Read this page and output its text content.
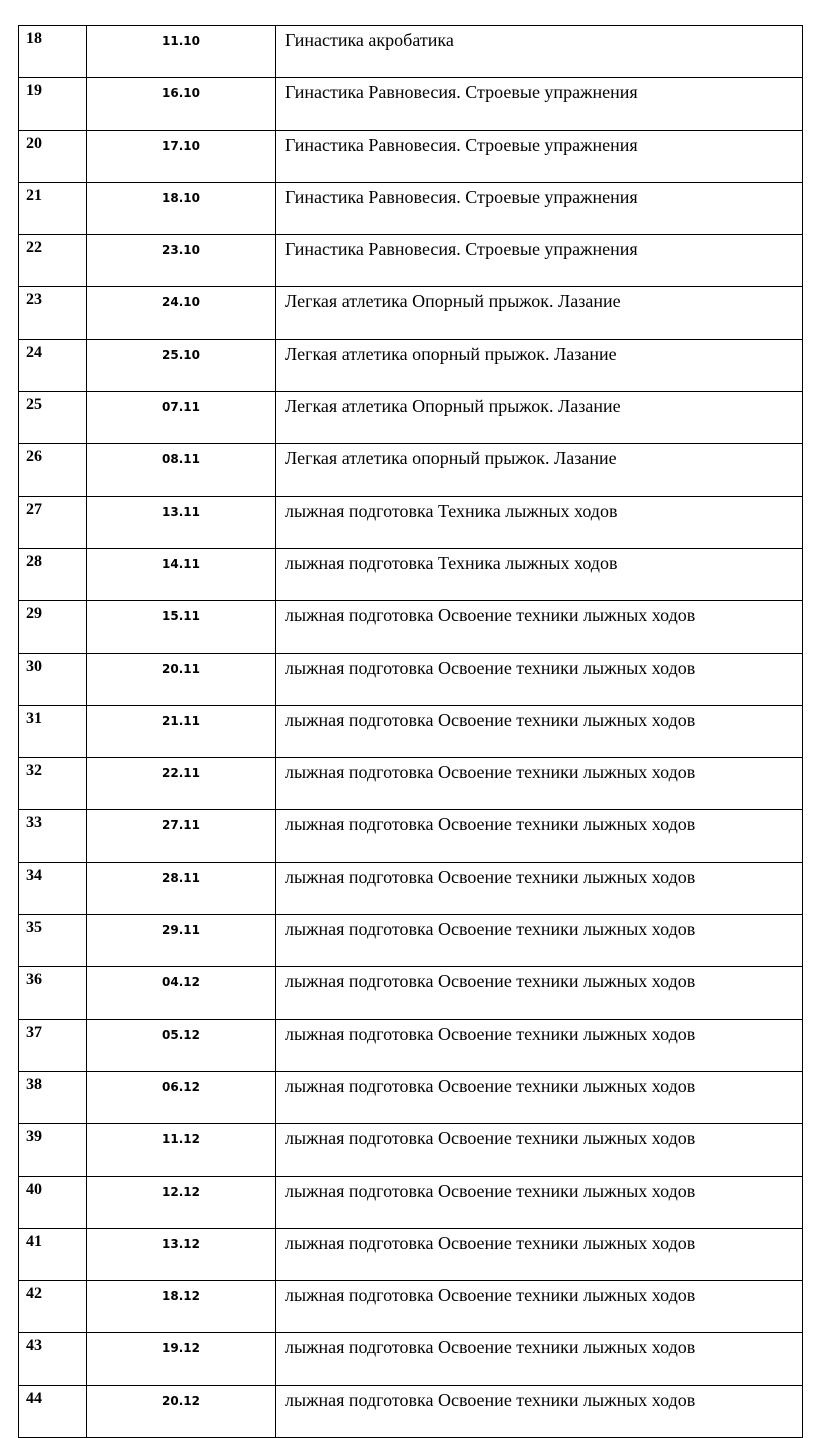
18	11.10	Гинастика акробатика
19	16.10	Гинастика Равновесия. Строевые упражнения
20	17.10	Гинастика Равновесия. Строевые упражнения
21	18.10	Гинастика Равновесия. Строевые упражнения
22	23.10	Гинастика Равновесия. Строевые упражнения
23	24.10	Легкая атлетика Опорный прыжок. Лазание
24	25.10	Легкая атлетика опорный прыжок. Лазание
25	07.11	Легкая атлетика Опорный прыжок. Лазание
26	08.11	Легкая атлетика опорный прыжок. Лазание
27	13.11	лыжная подготовка Техника лыжных ходов
28	14.11	лыжная подготовка Техника лыжных ходов
29	15.11	лыжная подготовка Освоение техники лыжных ходов
30	20.11	лыжная подготовка Освоение техники лыжных ходов
31	21.11	лыжная подготовка Освоение техники лыжных ходов
32	22.11	лыжная подготовка Освоение техники лыжных ходов
33	27.11	лыжная подготовка Освоение техники лыжных ходов
34	28.11	лыжная подготовка Освоение техники лыжных ходов
35	29.11	лыжная подготовка Освоение техники лыжных ходов
36	04.12	лыжная подготовка Освоение техники лыжных ходов
37	05.12	лыжная подготовка Освоение техники лыжных ходов
38	06.12	лыжная подготовка Освоение техники лыжных ходов
39	11.12	лыжная подготовка Освоение техники лыжных ходов
40	12.12	лыжная подготовка Освоение техники лыжных ходов
41	13.12	лыжная подготовка Освоение техники лыжных ходов
42	18.12	лыжная подготовка Освоение техники лыжных ходов
43	19.12	лыжная подготовка Освоение техники лыжных ходов
44	20.12	лыжная подготовка Освоение техники лыжных ходов
